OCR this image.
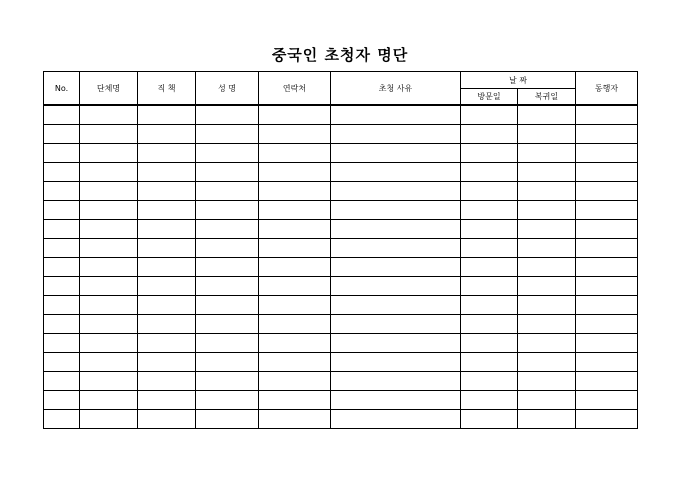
중국인 초청자 명단
No.	단체명	직 책	성 명	연락처	초청 사유	날 짜		동행자
						방문일	복귀일	
